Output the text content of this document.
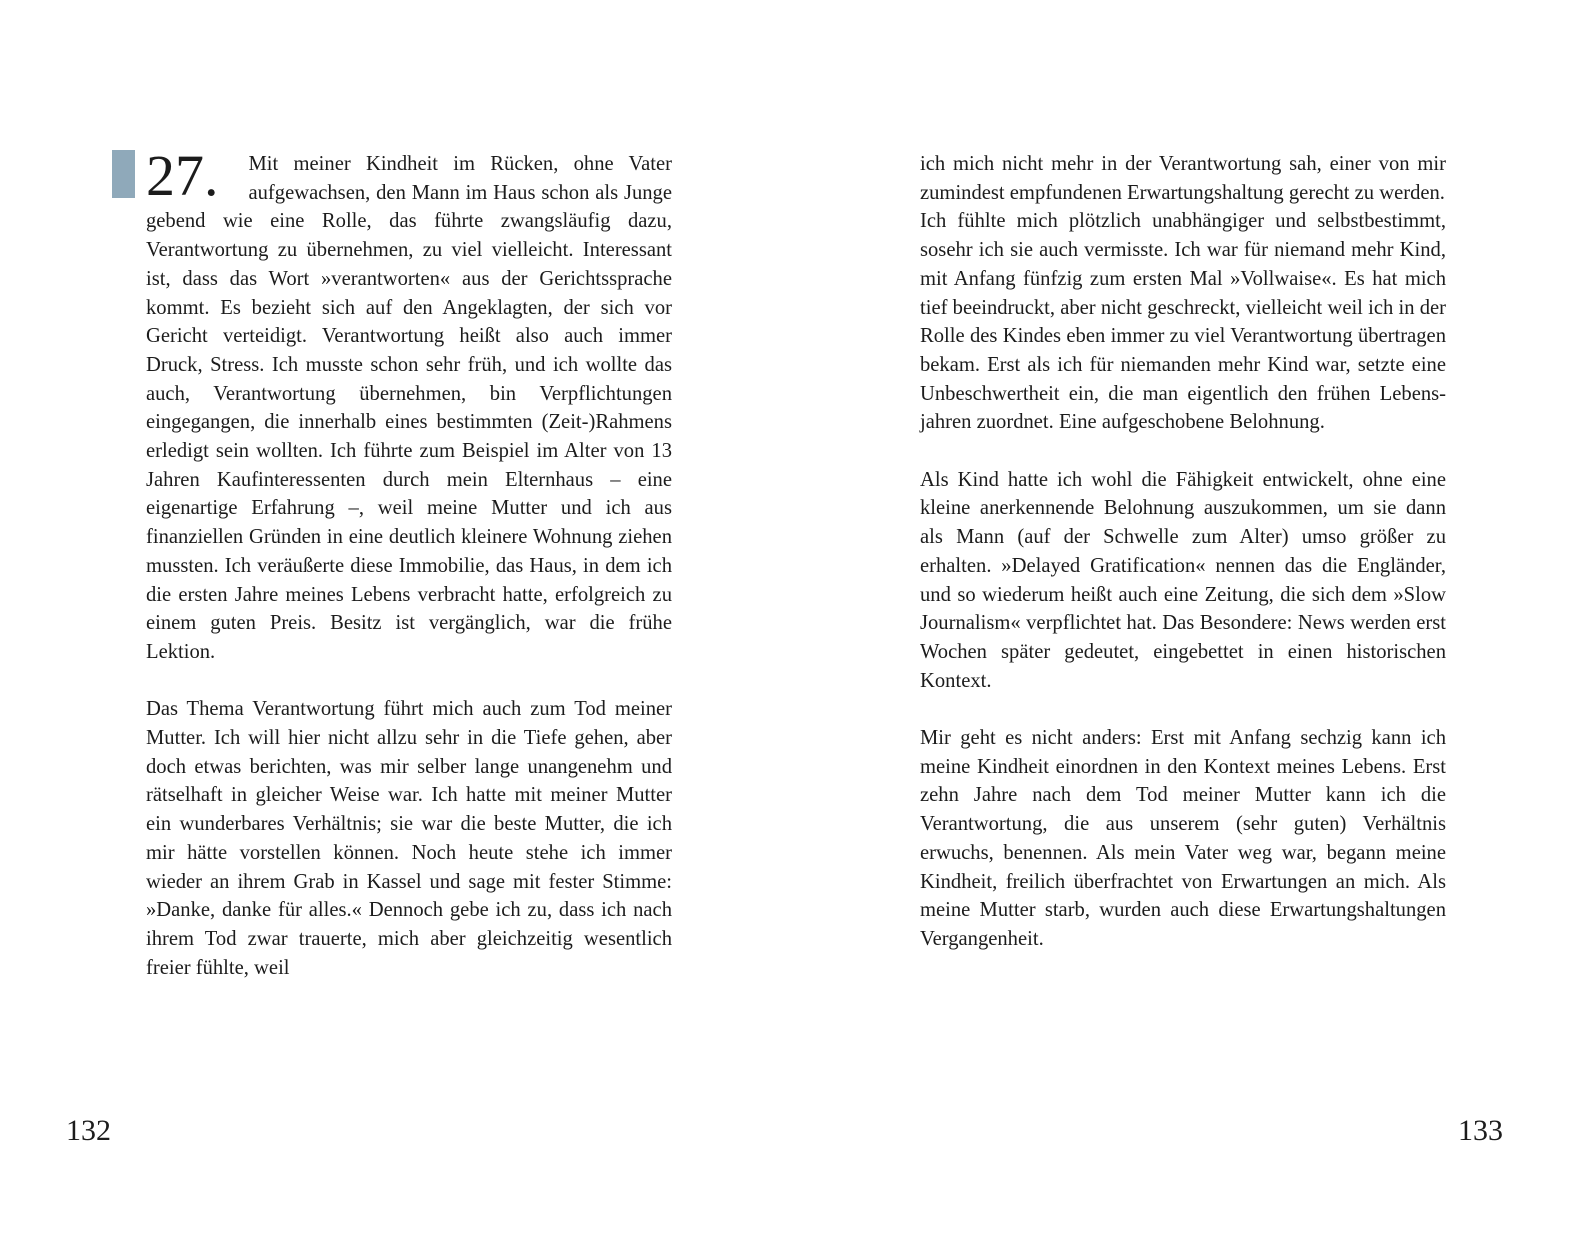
27.	Mit meiner Kindheit im Rücken, ohne Vater aufgewachsen, den Mann im Haus schon als Junge gebend wie eine Rolle, das führte zwangsläufig dazu, Verantwortung zu übernehmen, zu viel vielleicht. Interessant ist, dass das Wort »verantworten« aus der Gerichtssprache kommt. Es bezieht sich auf den Angeklagten, der sich vor Gericht verteidigt. Verantwortung heißt also auch immer Druck, Stress. Ich musste schon sehr früh, und ich wollte das auch, Verantwortung übernehmen, bin Verpflichtungen eingegangen, die innerhalb eines bestimmten (Zeit-)Rahmens erledigt sein wollten. Ich führte zum Beispiel im Alter von 13 Jahren Kaufinteressenten durch mein Elternhaus – eine eigenartige Erfahrung –, weil meine Mutter und ich aus finanziellen Gründen in eine deutlich kleinere Wohnung ziehen mussten. Ich veräußerte diese Immobilie, das Haus, in dem ich die ersten Jahre meines Lebens verbracht hatte, erfolgreich zu einem guten Preis. Besitz ist vergänglich, war die frühe Lektion.

Das Thema Verantwortung führt mich auch zum Tod meiner Mutter. Ich will hier nicht allzu sehr in die Tiefe gehen, aber doch etwas berichten, was mir selber lange unangenehm und rätselhaft in gleicher Weise war. Ich hatte mit meiner Mutter ein wunderbares Verhältnis; sie war die beste Mutter, die ich mir hätte vorstellen können. Noch heute stehe ich immer wieder an ihrem Grab in Kassel und sage mit fester Stimme: »Danke, danke für alles.« Dennoch gebe ich zu, dass ich nach ihrem Tod zwar trauerte, mich aber gleichzeitig wesentlich freier fühlte, weil

132

ich mich nicht mehr in der Verantwortung sah, einer von mir zumindest empfundenen Erwartungshaltung gerecht zu werden.

Ich fühlte mich plötzlich unabhängiger und selbstbestimmt, sosehr ich sie auch vermisste. Ich war für niemand mehr Kind, mit Anfang fünfzig zum ersten Mal »Vollwaise«. Es hat mich tief beeindruckt, aber nicht geschreckt, vielleicht weil ich in der Rolle des Kindes eben immer zu viel Verantwortung übertragen bekam. Erst als ich für niemanden mehr Kind war, setzte eine Unbeschwertheit ein, die man eigentlich den frühen Lebensjahren zuordnet. Eine aufgeschobene Belohnung.

Als Kind hatte ich wohl die Fähigkeit entwickelt, ohne eine kleine anerkennende Belohnung auszukommen, um sie dann als Mann (auf der Schwelle zum Alter) umso größer zu erhalten. »Delayed Gratification« nennen das die Engländer, und so wiederum heißt auch eine Zeitung, die sich dem »Slow Journalism« verpflichtet hat. Das Besondere: News werden erst Wochen später gedeutet, eingebettet in einen historischen Kontext.

Mir geht es nicht anders: Erst mit Anfang sechzig kann ich meine Kindheit einordnen in den Kontext meines Lebens. Erst zehn Jahre nach dem Tod meiner Mutter kann ich die Verantwortung, die aus unserem (sehr guten) Verhältnis erwuchs, benennen. Als mein Vater weg war, begann meine Kindheit, freilich überfrachtet von Erwartungen an mich. Als meine Mutter starb, wurden auch diese Erwartungshaltungen Vergangenheit.

133
